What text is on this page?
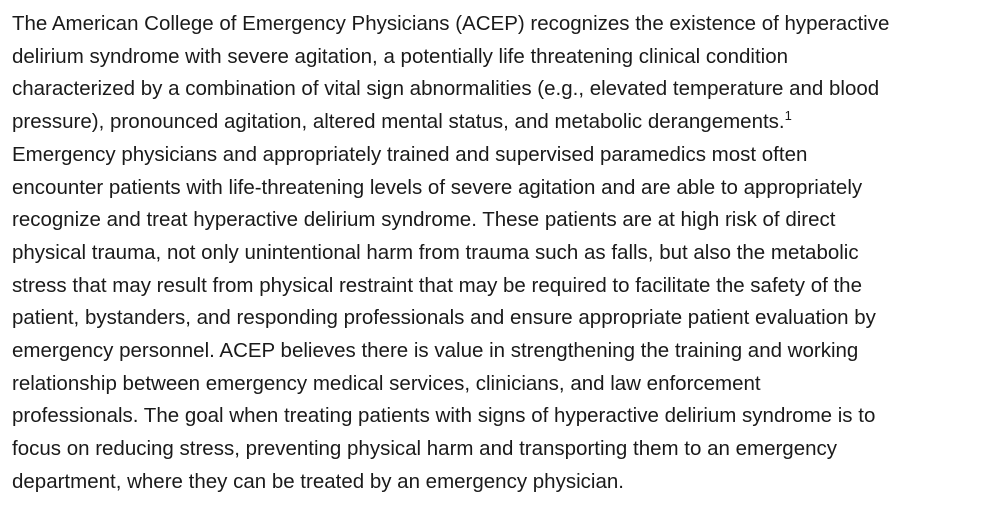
The American College of Emergency Physicians (ACEP) recognizes the existence of hyperactive
delirium syndrome with severe agitation, a potentially life threatening clinical condition
characterized by a combination of vital sign abnormalities (e.g., elevated temperature and blood
pressure), pronounced agitation, altered mental status, and metabolic derangements.$^1$
Emergency physicians and appropriately trained and supervised paramedics most often
encounter patients with life-threatening levels of severe agitation and are able to appropriately
recognize and treat hyperactive delirium syndrome. These patients are at high risk of direct
physical trauma, not only unintentional harm from trauma such as falls, but also the metabolic
stress that may result from physical restraint that may be required to facilitate the safety of the
patient, bystanders, and responding professionals and ensure appropriate patient evaluation by
emergency personnel. ACEP believes there is value in strengthening the training and working
relationship between emergency medical services, clinicians, and law enforcement
professionals. The goal when treating patients with signs of hyperactive delirium syndrome is to
focus on reducing stress, preventing physical harm and transporting them to an emergency
department, where they can be treated by an emergency physician.
